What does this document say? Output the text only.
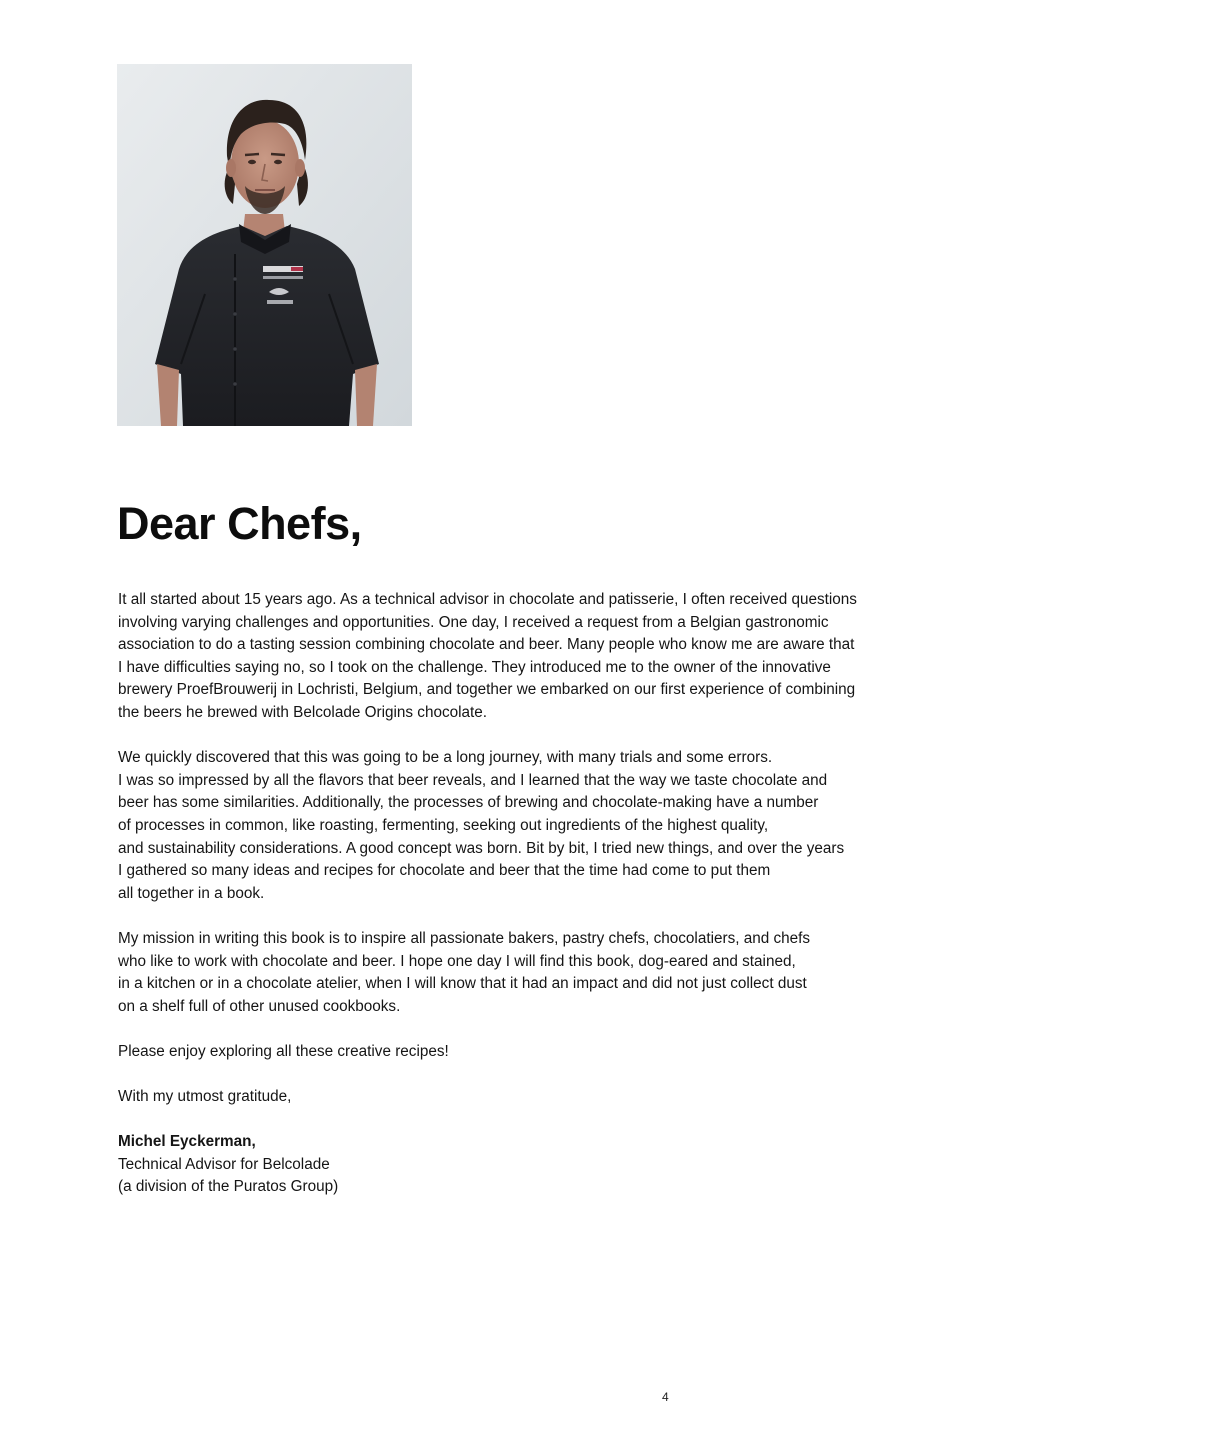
Dear Chefs,

It all started about 15 years ago. As a technical advisor in chocolate and patisserie, I often received questions
involving varying challenges and opportunities. One day, I received a request from a Belgian gastronomic
association to do a tasting session combining chocolate and beer. Many people who know me are aware that
I have difficulties saying no, so I took on the challenge. They introduced me to the owner of the innovative
brewery ProefBrouwerij in Lochristi, Belgium, and together we embarked on our first experience of combining
the beers he brewed with Belcolade Origins chocolate.

We quickly discovered that this was going to be a long journey, with many trials and some errors.
I was so impressed by all the flavors that beer reveals, and I learned that the way we taste chocolate and
beer has some similarities. Additionally, the processes of brewing and chocolate-making have a number
of processes in common, like roasting, fermenting, seeking out ingredients of the highest quality,
and sustainability considerations. A good concept was born. Bit by bit, I tried new things, and over the years
I gathered so many ideas and recipes for chocolate and beer that the time had come to put them
all together in a book.

My mission in writing this book is to inspire all passionate bakers, pastry chefs, chocolatiers, and chefs
who like to work with chocolate and beer. I hope one day I will find this book, dog-eared and stained,
in a kitchen or in a chocolate atelier, when I will know that it had an impact and did not just collect dust
on a shelf full of other unused cookbooks.

Please enjoy exploring all these creative recipes!

With my utmost gratitude,

Michel Eyckerman,
Technical Advisor for Belcolade
(a division of the Puratos Group)

4
